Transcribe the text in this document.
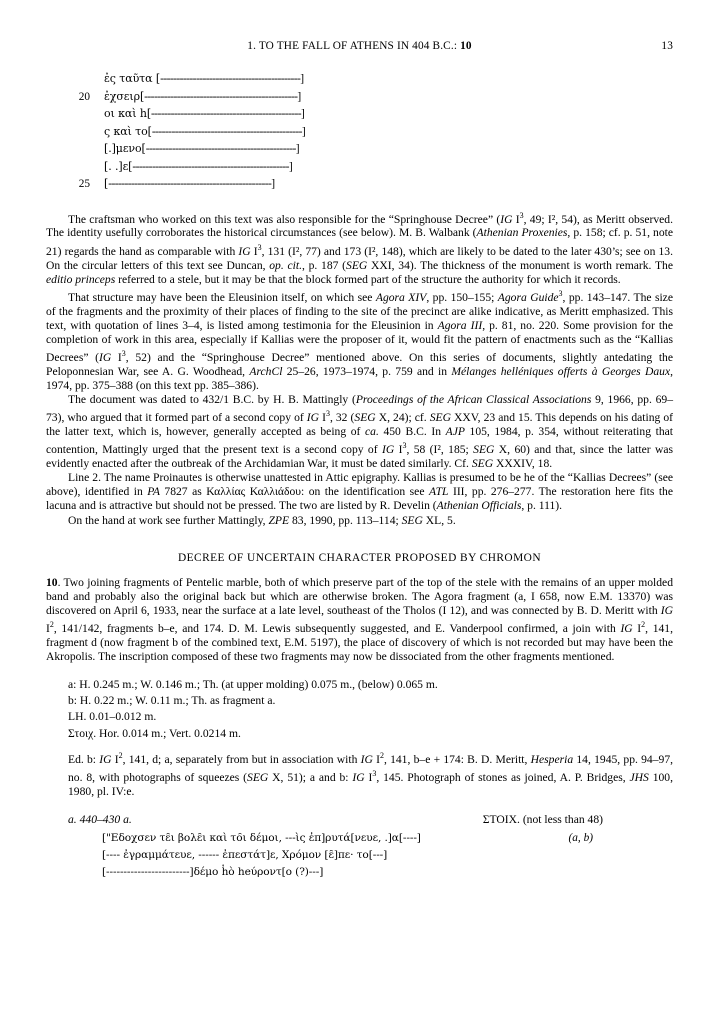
1. TO THE FALL OF ATHENS IN 404 B.C.: 10	13
ἐς ταῦτα [-------------------------------------------]
20	ἐχσειρ[-----------------------------------------------]
οι καὶ h[----------------------------------------------]
ς καὶ τo[----------------------------------------------]
[.]μενο[----------------------------------------------]
[. .]ε[------------------------------------------------]
25	[--------------------------------------------------]

The craftsman who worked on this text was also responsible for the “Springhouse Decree” (IG $I^3$, 49; I², 54), as Meritt observed. The identity usefully corroborates the historical circumstances (see below). M. B. Walbank (Athenian Proxenies, p. 158; cf. p. 51, note 21) regards the hand as comparable with IG $I^3$, 131 (I², 77) and 173 (I², 148), which are likely to be dated to the later 430’s; see on 13. On the circular letters of this text see Duncan, op. cit., p. 187 (SEG XXI, 34). The thickness of the monument is worth remark. The editio princeps referred to a stele, but it may be that the block formed part of the structure the authority for which it records.

That structure may have been the Eleusinion itself, on which see Agora XIV, pp. 150–155; Agora Guide$^3$, pp. 143–147. The size of the fragments and the proximity of their places of finding to the site of the precinct are alike indicative, as Meritt emphasized. This text, with quotation of lines 3–4, is listed among testimonia for the Eleusinion in Agora III, p. 81, no. 220. Some provision for the completion of work in this area, especially if Kallias were the proposer of it, would fit the pattern of enactments such as the “Kallias Decrees” (IG $I^3$, 52) and the “Springhouse Decree” mentioned above. On this series of documents, slightly antedating the Peloponnesian War, see A. G. Woodhead, ArchCl 25–26, 1973–1974, p. 759 and in Mélanges helléniques offerts à Georges Daux, 1974, pp. 375–388 (on this text pp. 385–386).

The document was dated to 432/1 B.C. by H. B. Mattingly (Proceedings of the African Classical Associations 9, 1966, pp. 69–73), who argued that it formed part of a second copy of IG $I^3$, 32 (SEG X, 24); cf. SEG XXV, 23 and 15. This depends on his dating of the latter text, which is, however, generally accepted as being of ca. 450 B.C. In AJP 105, 1984, p. 354, without reiterating that contention, Mattingly urged that the present text is a second copy of IG $I^3$, 58 (I², 185; SEG X, 60) and that, since the latter was evidently enacted after the outbreak of the Archidamian War, it must be dated similarly. Cf. SEG XXXIV, 18.

Line 2. The name Proinautes is otherwise unattested in Attic epigraphy. Kallias is presumed to be he of the “Kallias Decrees” (see above), identified in PA 7827 as Καλλίας Καλλιάδου: on the identification see ATL III, pp. 276–277. The restoration here fits the lacuna and is attractive but should not be pressed. The two are listed by R. Develin (Athenian Officials, p. 111).

On the hand at work see further Mattingly, ZPE 83, 1990, pp. 113–114; SEG XL, 5.

DECREE OF UNCERTAIN CHARACTER PROPOSED BY CHROMON

10. Two joining fragments of Pentelic marble, both of which preserve part of the top of the stele with the remains of an upper molded band and probably also the original back but which are otherwise broken. The Agora fragment (a, I 658, now E.M. 13370) was discovered on April 6, 1933, near the surface at a late level, southeast of the Tholos (I 12), and was connected by B. D. Meritt with IG $I^2$, 141/142, fragments b–e, and 174. D. M. Lewis subsequently suggested, and E. Vanderpool confirmed, a join with IG $I^2$, 141, fragment d (now fragment b of the combined text, E.M. 5197), the place of discovery of which is not recorded but may have been the Akropolis. The inscription composed of these two fragments may now be dissociated from the other fragments mentioned.

a: H. 0.245 m.; W. 0.146 m.; Th. (at upper molding) 0.075 m., (below) 0.065 m.
b: H. 0.22 m.; W. 0.11 m.; Th. as fragment a.
LH. 0.01–0.012 m.
Στοιχ. Hor. 0.014 m.; Vert. 0.0214 m.
Ed. b: IG $I^2$, 141, d; a, separately from but in association with IG $I^2$, 141, b–e + 174: B. D. Meritt, Hesperia 14, 1945, pp. 94–97, no. 8, with photographs of squeezes (SEG X, 51); a and b: IG $I^3$, 145. Photograph of stones as joined, A. P. Bridges, JHS 100, 1980, pl. IV:e.
a. 440–430 a.	ΣΤΟΙΧ. (not less than 48)
["Εδοχσεν τε̑ι βολε̑ι καὶ το̑ι δέμοι, ---ὶς ἐπ]ρυτά[νευε, .]α[----]	(a, b)
[---- ἐγραμμάτευε, ------ ἐπεστάτ]ε, Χρόμον [ε̑]πε· το[---]
[------------------------]δέμο h̔ὸ heύροντ[ο (?)---]
